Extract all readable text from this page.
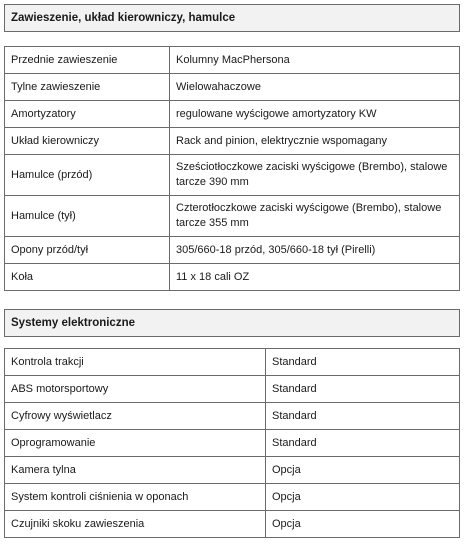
Zawieszenie, układ kierowniczy, hamulce
Przednie zawieszenie	Kolumny MacPhersona
Tylne zawieszenie	Wielowahaczowe
Amortyzatory	regulowane wyścigowe amortyzatory KW
Układ kierowniczy	Rack and pinion, elektrycznie wspomagany
Hamulce (przód)	Sześciotłoczkowe zaciski wyścigowe (Brembo), stalowe tarcze 390 mm
Hamulce (tył)	Czterotłoczkowe zaciski wyścigowe (Brembo), stalowe tarcze 355 mm
Opony przód/tył	305/660-18 przód, 305/660-18 tył (Pirelli)
Koła	11 x 18 cali OZ
Systemy elektroniczne
Kontrola trakcji	Standard
ABS motorsportowy	Standard
Cyfrowy wyświetlacz	Standard
Oprogramowanie	Standard
Kamera tylna	Opcja
System kontroli ciśnienia w oponach	Opcja
Czujniki skoku zawieszenia	Opcja
